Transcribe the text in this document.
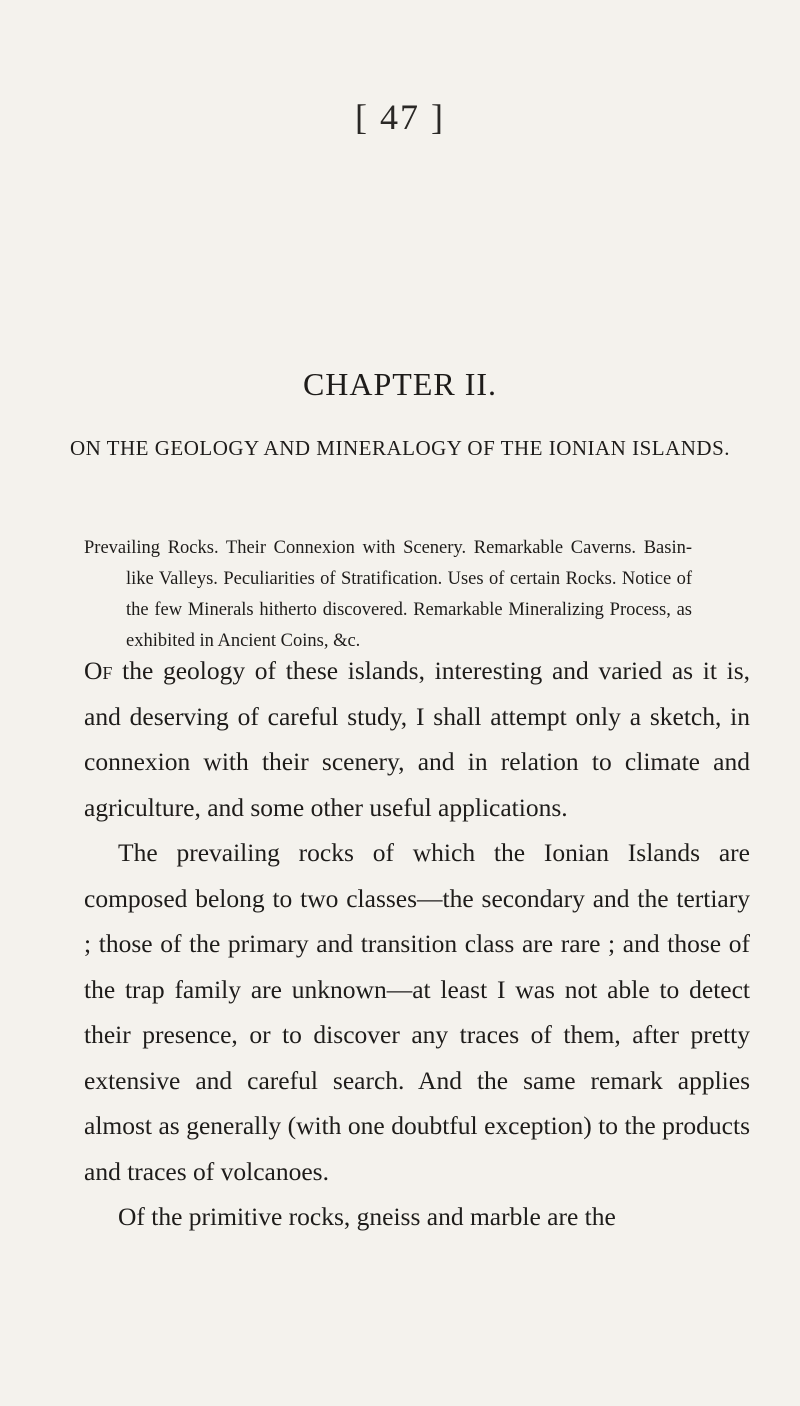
[ 47 ]
CHAPTER II.
ON THE GEOLOGY AND MINERALOGY OF THE IONIAN ISLANDS.
Prevailing Rocks. Their Connexion with Scenery. Remarkable Caverns. Basin-like Valleys. Peculiarities of Stratification. Uses of certain Rocks. Notice of the few Minerals hitherto discovered. Remarkable Mineralizing Process, as exhibited in Ancient Coins, &c.

Of the geology of these islands, interesting and varied as it is, and deserving of careful study, I shall attempt only a sketch, in connexion with their scenery, and in relation to climate and agriculture, and some other useful applications.

The prevailing rocks of which the Ionian Islands are composed belong to two classes—the secondary and the tertiary ; those of the primary and transition class are rare ; and those of the trap family are unknown—at least I was not able to detect their presence, or to discover any traces of them, after pretty extensive and careful search. And the same remark applies almost as generally (with one doubtful exception) to the products and traces of volcanoes.

Of the primitive rocks, gneiss and marble are the
